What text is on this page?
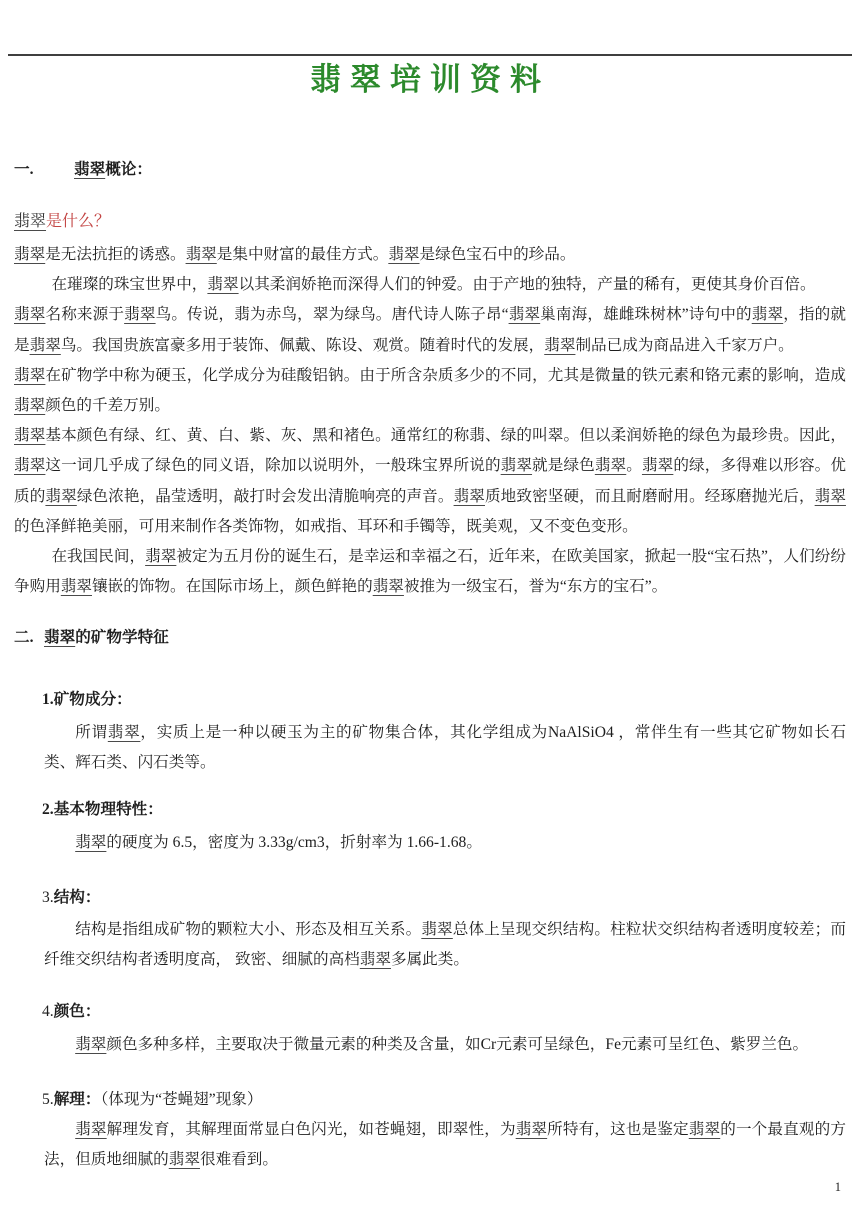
翡翠培训资料
一.	翡翠概论：
翡翠是什么？

翡翠是无法抗拒的诱惑。翡翠是集中财富的最佳方式。翡翠是绿色宝石中的珍品。

在璀璨的珠宝世界中，翡翠以其柔润娇艳而深得人们的钟爱。由于产地的独特，产量的稀有，更使其身价百倍。

翡翠名称来源于翡翠鸟。传说，翡为赤鸟，翠为绿鸟。唐代诗人陈子昂“翡翠巢南海，雄雌珠树林”诗句中的翡翠，指的就是翡翠鸟。我国贵族富豪多用于装饰、佩戴、陈设、观赏。随着时代的发展，翡翠制品已成为商品进入千家万户。

翡翠在矿物学中称为硬玉，化学成分为硅酸铝钠。由于所含杂质多少的不同，尤其是微量的铁元素和铬元素的影响，造成翡翠颜色的千差万别。

翡翠基本颜色有绿、红、黄、白、紫、灰、黑和褚色。通常红的称翡、绿的叫翠。但以柔润娇艳的绿色为最珍贵。因此，翡翠这一词几乎成了绿色的同义语，除加以说明外，一般珠宝界所说的翡翠就是绿色翡翠。翡翠的绿，多得难以形容。优质的翡翠绿色浓艳，晶莹透明，敲打时会发出清脆响亮的声音。翡翠质地致密坚硬，而且耐磨耐用。经琢磨抛光后，翡翠的色泽鲜艳美丽，可用来制作各类饰物，如戒指、耳环和手镯等，既美观，又不变色变形。

在我国民间，翡翠被定为五月份的诞生石，是幸运和幸福之石，近年来，在欧美国家，掀起一股“宝石热”，人们纷纷争购用翡翠镶嵌的饰物。在国际市场上，颜色鲜艳的翡翠被推为一级宝石，誉为“东方的宝石”。

二. 翡翠的矿物学特征
1.矿物成分：

所谓翡翠，实质上是一种以硬玉为主的矿物集合体，其化学组成为NaAlSiO4 ，常伴生有一些其它矿物如长石类、辉石类、闪石类等。

2.基本物理特性：

翡翠的硬度为 6.5，密度为 3.33g/cm3，折射率为 1.66-1.68。

3.结构：

结构是指组成矿物的颗粒大小、形态及相互关系。翡翠总体上呈现交织结构。柱粒状交织结构者透明度较差；而纤维交织结构者透明度高， 致密、细腻的高档翡翠多属此类。

4.颜色：

翡翠颜色多种多样，主要取决于微量元素的种类及含量，如Cr元素可呈绿色，Fe元素可呈红色、紫罗兰色。

5.解理：（体现为“苍蝇翅”现象）

翡翠解理发育，其解理面常显白色闪光，如苍蝇翅，即翠性，为翡翠所特有，这也是鉴定翡翠的一个最直观的方法，但质地细腻的翡翠很难看到。

1
